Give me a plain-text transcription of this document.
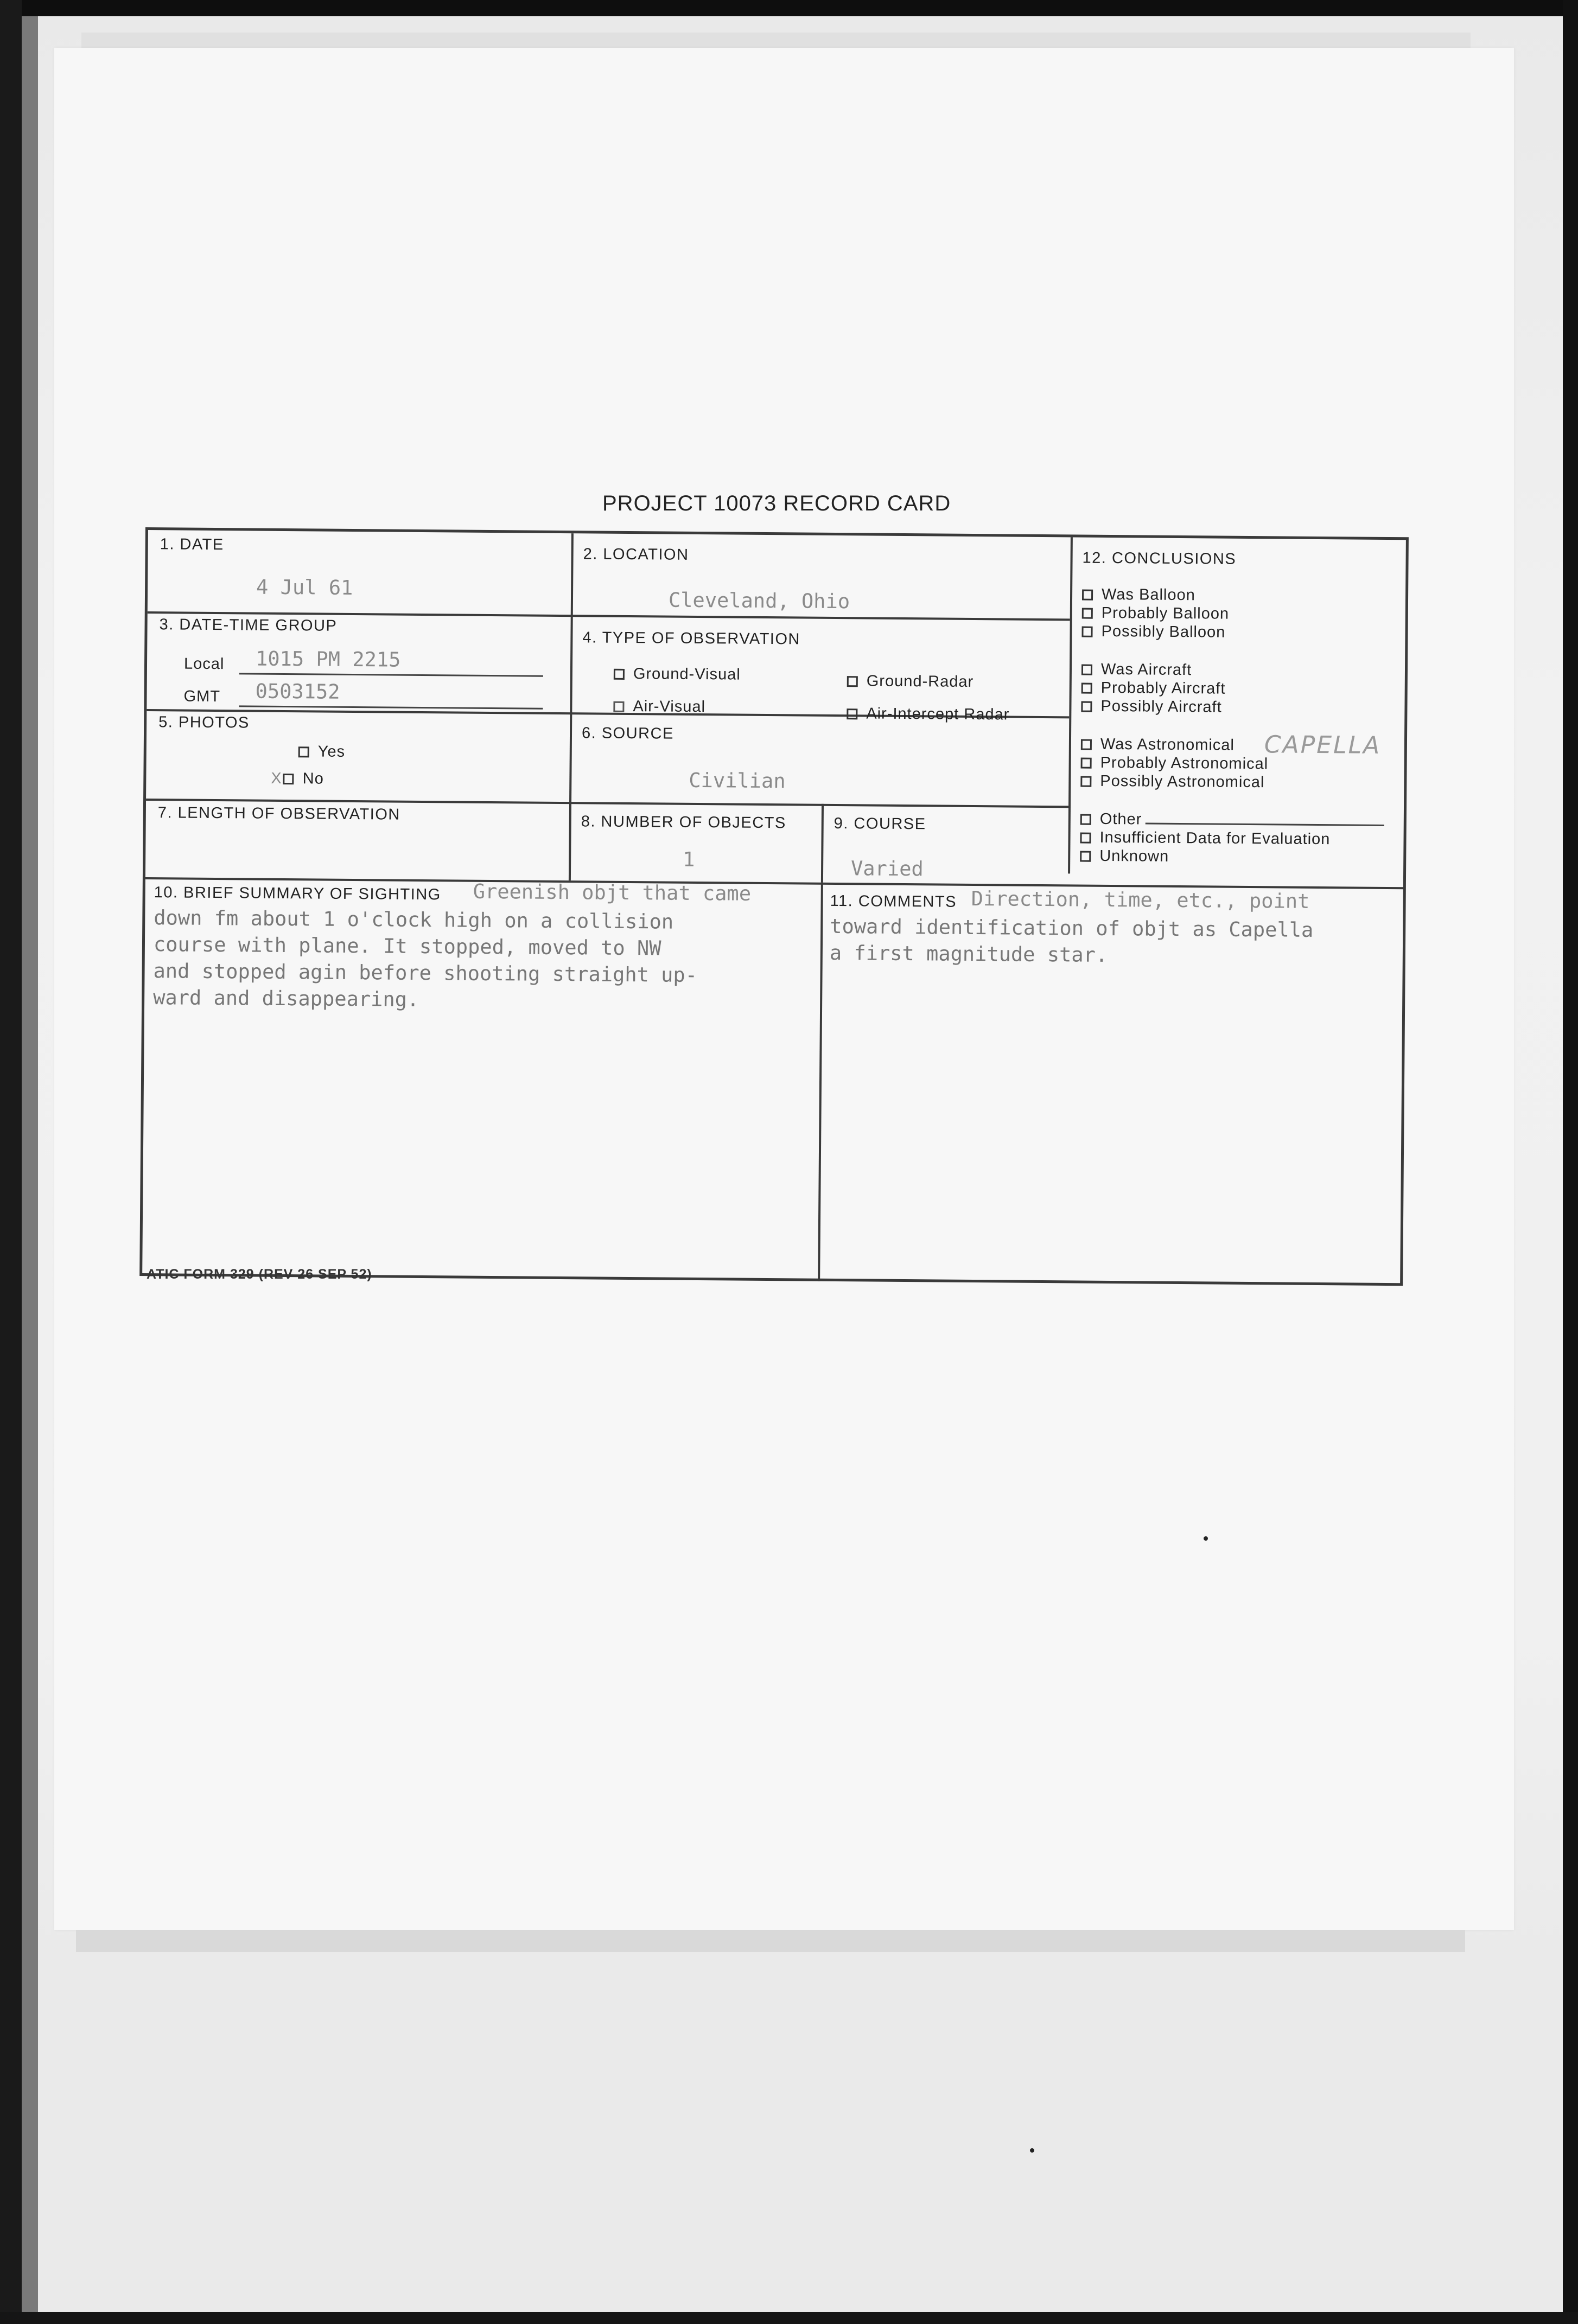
PROJECT 10073 RECORD CARD
1. DATE
4 Jul 61
2. LOCATION
Cleveland, Ohio
3. DATE-TIME GROUP
Local 1015 PM 2215
GMT 0503152
4. TYPE OF OBSERVATION
Ground-Visual	Ground-Radar
Air-Visual	Air-Intercept Radar
5. PHOTOS
Yes
X No
6. SOURCE
Civilian
7. LENGTH OF OBSERVATION	8. NUMBER OF OBJECTS
1
9. COURSE
Varied
10. BRIEF SUMMARY OF SIGHTING Greenish objt that came
down fm about 1 o'clock high on a collision
course with plane. It stopped, moved to NW
and stopped agin before shooting straight up-
ward and disappearing.
11. COMMENTS Direction, time, etc., point
toward identification of objt as Capella
a first magnitude star.
12. CONCLUSIONS
Was Balloon
Probably Balloon
Possibly Balloon
Was Aircraft
Probably Aircraft
Possibly Aircraft
Was Astronomical
Probably Astronomical
Possibly Astronomical
CAPELLA
Other
Insufficient Data for Evaluation
Unknown
ATIC FORM 329 (REV 26 SEP 52)
